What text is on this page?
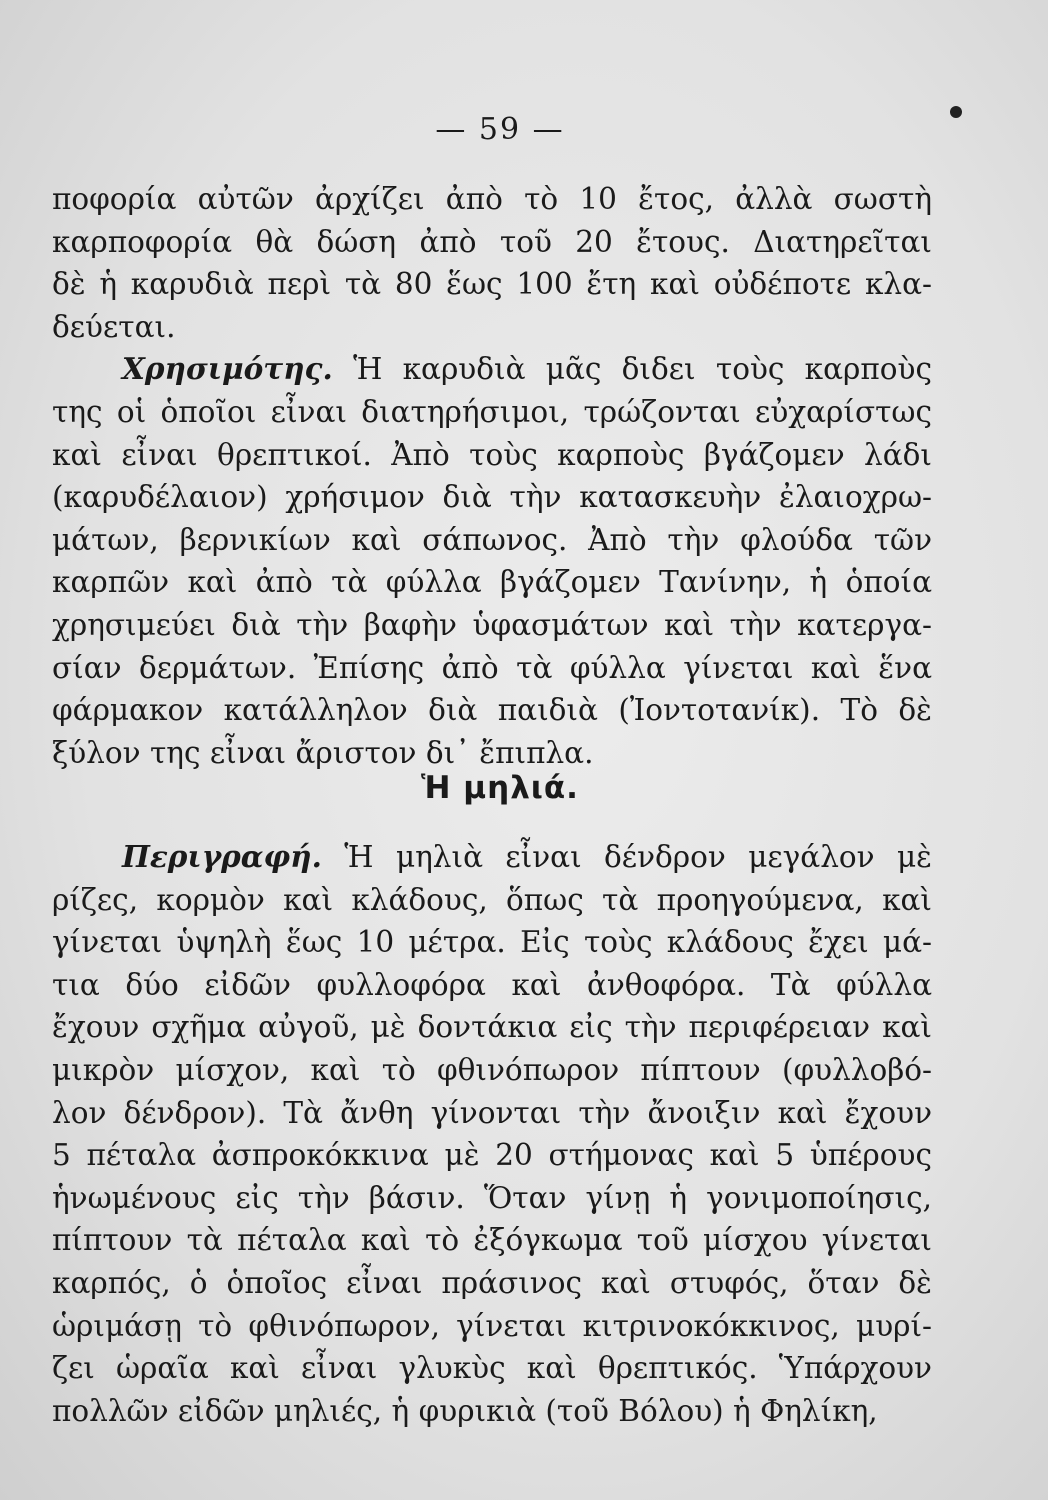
— 59 —
ποφορία αὐτῶν ἀρχίζει ἀπὸ τὸ 10 ἔτος, ἀλλὰ σωστὴ
καρποφορία θὰ δώση ἀπὸ τοῦ 20 ἔτους. Διατηρεῖται
δὲ ἡ καρυδιὰ περὶ τὰ 80 ἕως 100 ἔτη καὶ οὐδέποτε κλα-
δεύεται.
Χρησιμότης. Ἡ καρυδιὰ μᾶς διδει τοὺς καρποὺς
της οἱ ὁποῖοι εἶναι διατηρήσιμοι, τρώζονται εὐχαρίστως
καὶ εἶναι θρεπτικοί. Ἀπὸ τοὺς καρποὺς βγάζομεν λάδι
(καρυδέλαιον) χρήσιμον διὰ τὴν κατασκευὴν ἐλαιοχρω-
μάτων, βερνικίων καὶ σάπωνος. Ἀπὸ τὴν φλούδα τῶν
καρπῶν καὶ ἀπὸ τὰ φύλλα βγάζομεν Τανίνην, ἡ ὁποία
χρησιμεύει διὰ τὴν βαφὴν ὑφασμάτων καὶ τὴν κατεργα-
σίαν δερμάτων. Ἐπίσης ἀπὸ τὰ φύλλα γίνεται καὶ ἕνα
φάρμακον κατάλληλον διὰ παιδιὰ (Ἰοντοτανίκ). Τὸ δὲ
ξύλον της εἶναι ἄριστον δι᾽ ἔπιπλα.
Ἡ μηλιά.
Περιγραφή. Ἡ μηλιὰ εἶναι δένδρον μεγάλον μὲ
ρίζες, κορμὸν καὶ κλάδους, ὅπως τὰ προηγούμενα, καὶ
γίνεται ὑψηλὴ ἕως 10 μέτρα. Εἰς τοὺς κλάδους ἔχει μά-
τια δύο εἰδῶν φυλλοφόρα καὶ ἀνθοφόρα. Τὰ φύλλα
ἔχουν σχῆμα αὐγοῦ, μὲ δοντάκια εἰς τὴν περιφέρειαν καὶ
μικρὸν μίσχον, καὶ τὸ φθινόπωρον πίπτουν (φυλλοβό-
λον δένδρον). Τὰ ἄνθη γίνονται τὴν ἄνοιξιν καὶ ἔχουν
5 πέταλα ἀσπροκόκκινα μὲ 20 στήμονας καὶ 5 ὑπέρους
ἡνωμένους εἰς τὴν βάσιν. Ὅταν γίνῃ ἡ γονιμοποίησις,
πίπτουν τὰ πέταλα καὶ τὸ ἐξόγκωμα τοῦ μίσχου γίνεται
καρπός, ὁ ὁποῖος εἶναι πράσινος καὶ στυφός, ὅταν δὲ
ὡριμάσῃ τὸ φθινόπωρον, γίνεται κιτρινοκόκκινος, μυρί-
ζει ὡραῖα καὶ εἶναι γλυκὺς καὶ θρεπτικός. Ὑπάρχουν
πολλῶν εἰδῶν μηλιές, ἡ φυρικιὰ (τοῦ Βόλου) ἡ Φηλίκη,
